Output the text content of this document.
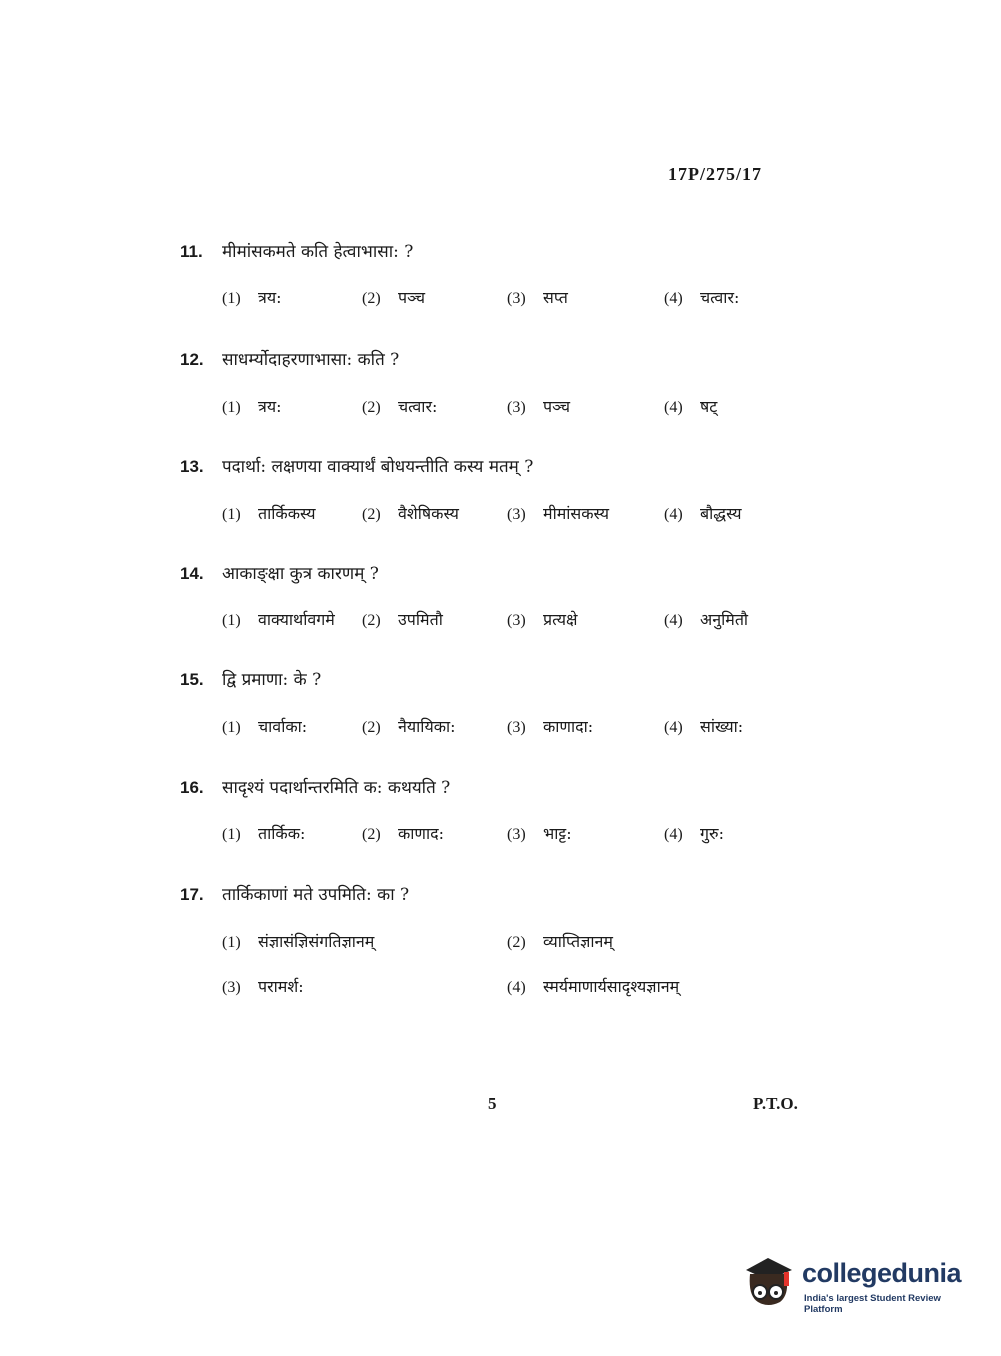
17P/275/17
11. मीमांसकमते कति हेत्वाभासा: ?
(1) त्रय:	(2) पञ्च	(3) सप्त	(4) चत्वार:
12. साधर्म्योदाहरणाभासा: कति ?
(1) त्रय:	(2) चत्वार:	(3) पञ्च	(4) षट्
13. पदार्था: लक्षणया वाक्यार्थं बोधयन्तीति कस्य मतम् ?
(1) तार्किकस्य	(2) वैशेषिकस्य	(3) मीमांसकस्य	(4) बौद्धस्य
14. आकाङ्क्षा कुत्र कारणम् ?
(1) वाक्यार्थावगमे (2) उपमितौ	(3) प्रत्यक्षे	(4) अनुमितौ
15. द्वि प्रमाणा: के ?
(1) चार्वाका:	(2) नैयायिका:	(3) काणादा:	(4) सांख्या:
16. सादृश्यं पदार्थान्तरमिति क: कथयति ?
(1) तार्किक:	(2) काणाद:	(3) भाट्ट:	(4) गुरु:
17. तार्किकाणां मते उपमिति: का ?
(1) संज्ञासंज्ञिसंगतिज्ञानम्	(2) व्याप्तिज्ञानम्
(3) परामर्श:	(4) स्मर्यमाणार्यसादृश्यज्ञानम्
5	P.T.O.
collegedunia
India's largest Student Review Platform
